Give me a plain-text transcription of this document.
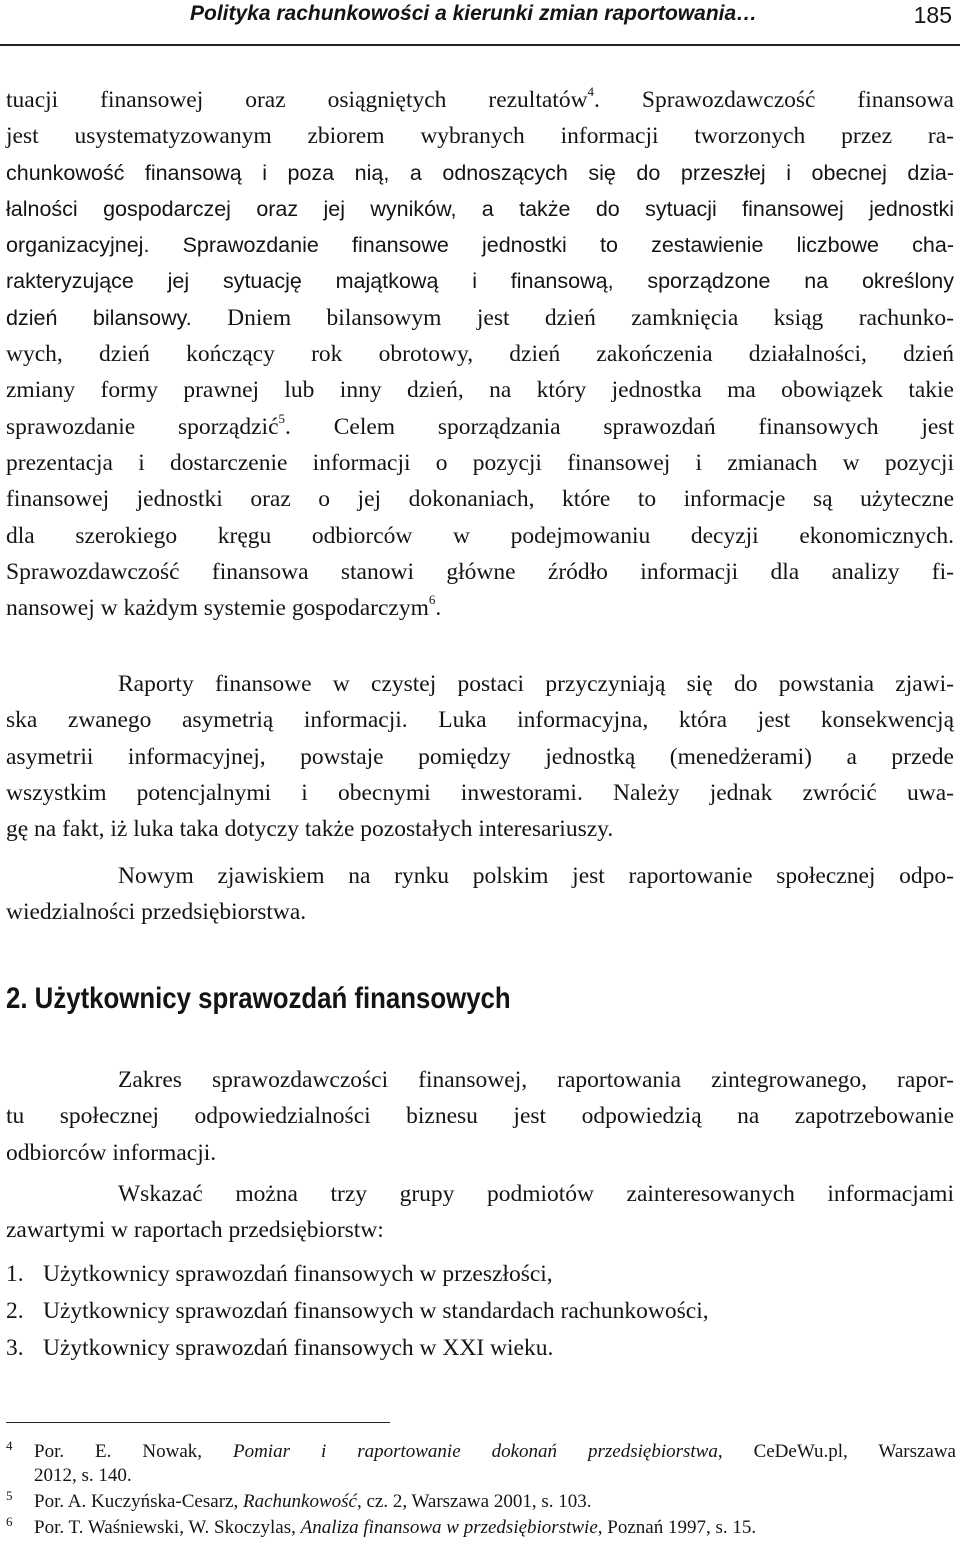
Polityka rachunkowości a kierunki zmian raportowania…	185
tuacji finansowej oraz osiągniętych rezultatów$^4$. Sprawozdawczość finansowa
jest usystematyzowanym zbiorem wybranych informacji tworzonych przez ra-
chunkowość finansową i poza nią, a odnoszących się do przeszłej i obecnej dzia-
łalności gospodarczej oraz jej wyników, a także do sytuacji finansowej jednostki
organizacyjnej. Sprawozdanie finansowe jednostki to zestawienie liczbowe cha-
rakteryzujące jej sytuację majątkową i finansową, sporządzone na określony
dzień bilansowy. Dniem bilansowym jest dzień zamknięcia ksiąg rachunko-
wych, dzień kończący rok obrotowy, dzień zakończenia działalności, dzień
zmiany formy prawnej lub inny dzień, na który jednostka ma obowiązek takie
sprawozdanie sporządzić$^5$. Celem sporządzania sprawozdań finansowych jest
prezentacja i dostarczenie informacji o pozycji finansowej i zmianach w pozycji
finansowej jednostki oraz o jej dokonaniach, które to informacje są użyteczne
dla szerokiego kręgu odbiorców w podejmowaniu decyzji ekonomicznych.
Sprawozdawczość finansowa stanowi główne źródło informacji dla analizy fi-
nansowej w każdym systemie gospodarczym$^6$.
Raporty finansowe w czystej postaci przyczyniają się do powstania zjawi-
ska zwanego asymetrią informacji. Luka informacyjna, która jest konsekwencją
asymetrii informacyjnej, powstaje pomiędzy jednostką (menedżerami) a przede
wszystkim potencjalnymi i obecnymi inwestorami. Należy jednak zwrócić uwa-
gę na fakt, iż luka taka dotyczy także pozostałych interesariuszy.
Nowym zjawiskiem na rynku polskim jest raportowanie społecznej odpo-
wiedzialności przedsiębiorstwa.
2. Użytkownicy sprawozdań finansowych
Zakres sprawozdawczości finansowej, raportowania zintegrowanego, rapor-
tu społecznej odpowiedzialności biznesu jest odpowiedzią na zapotrzebowanie
odbiorców informacji.
Wskazać można trzy grupy podmiotów zainteresowanych informacjami
zawartymi w raportach przedsiębiorstw:
1. Użytkownicy sprawozdań finansowych w przeszłości,
2. Użytkownicy sprawozdań finansowych w standardach rachunkowości,
3. Użytkownicy sprawozdań finansowych w XXI wieku.
4 Por. E. Nowak, Pomiar i raportowanie dokonań przedsiębiorstwa, CeDeWu.pl, Warszawa
2012, s. 140.
5 Por. A. Kuczyńska-Cesarz, Rachunkowość, cz. 2, Warszawa 2001, s. 103.
6 Por. T. Waśniewski, W. Skoczylas, Analiza finansowa w przedsiębiorstwie, Poznań 1997, s. 15.
